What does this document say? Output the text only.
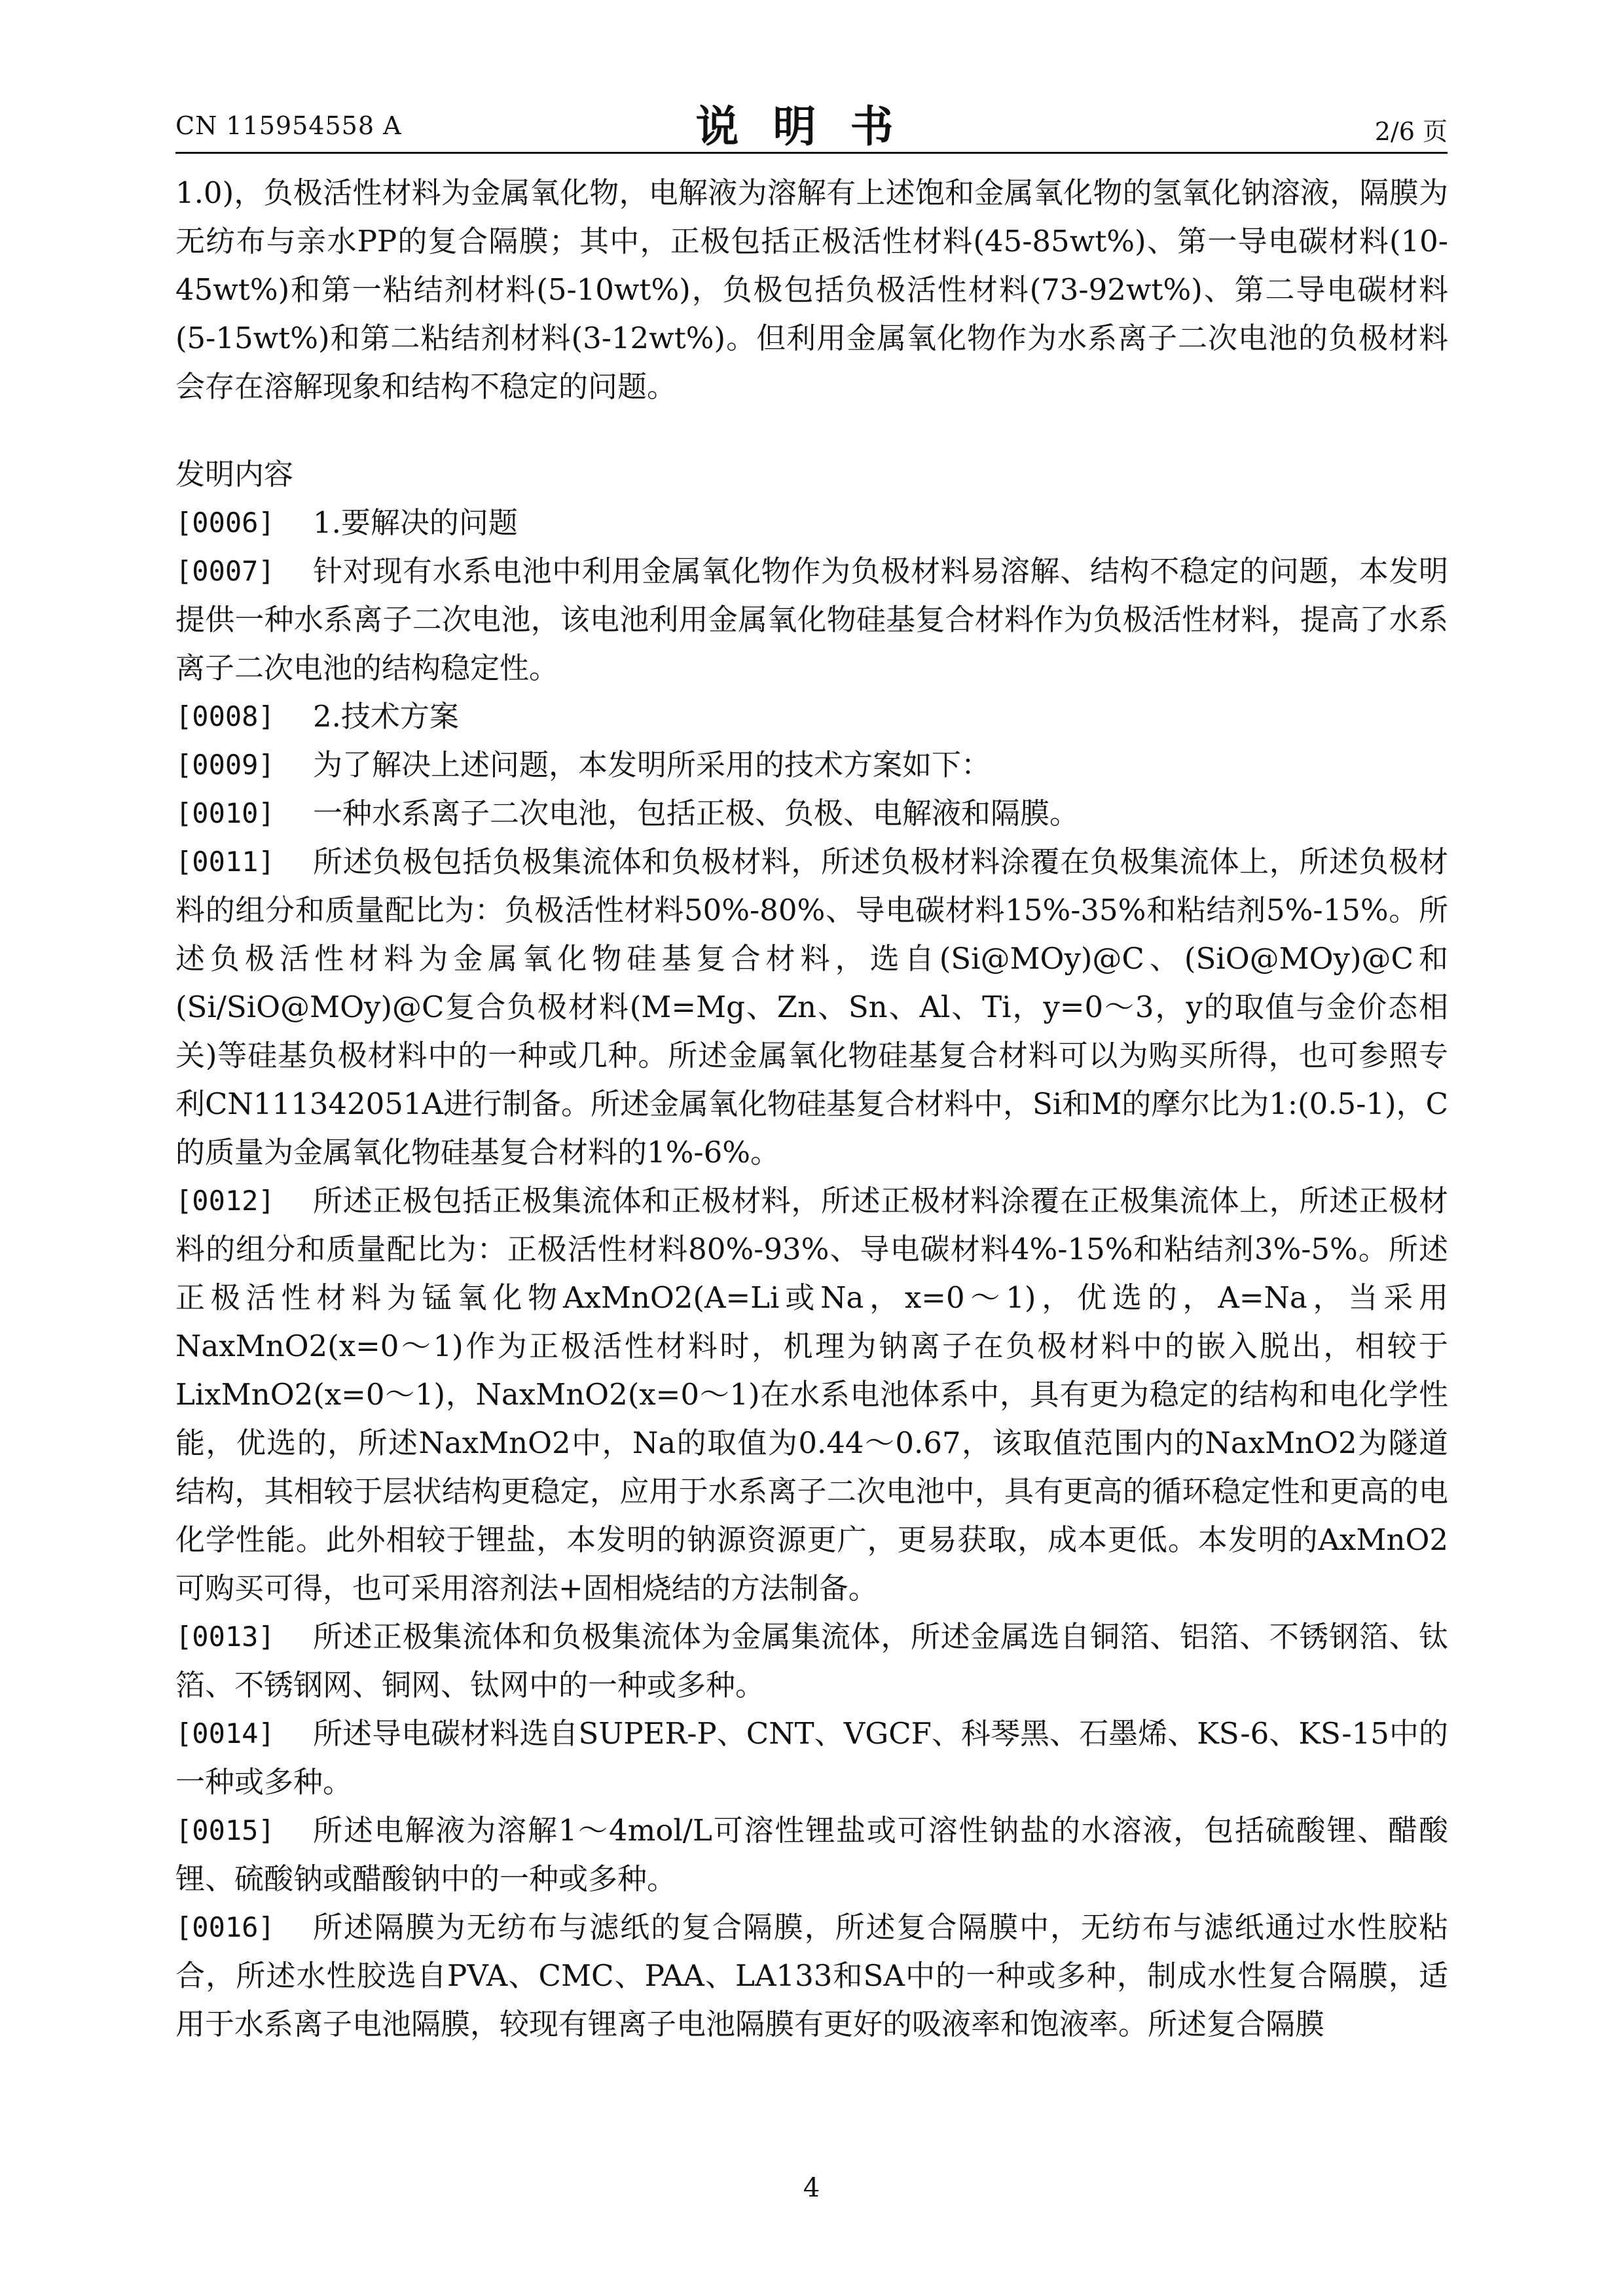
CN 115954558 A	说明书	2/6 页

1.0)，负极活性材料为金属氧化物，电解液为溶解有上述饱和金属氧化物的氢氧化钠溶液，隔膜为无纺布与亲水PP的复合隔膜；其中，正极包括正极活性材料(45-85wt%)、第一导电碳材料(10-45wt%)和第一粘结剂材料(5-10wt%)，负极包括负极活性材料(73-92wt%)、第二导电碳材料(5-15wt%)和第二粘结剂材料(3-12wt%)。但利用金属氧化物作为水系离子二次电池的负极材料会存在溶解现象和结构不稳定的问题。

发明内容

[0006]	1.要解决的问题
[0007]	针对现有水系电池中利用金属氧化物作为负极材料易溶解、结构不稳定的问题，本发明提供一种水系离子二次电池，该电池利用金属氧化物硅基复合材料作为负极活性材料，提高了水系离子二次电池的结构稳定性。
[0008]	2.技术方案
[0009]	为了解决上述问题，本发明所采用的技术方案如下：
[0010]	一种水系离子二次电池，包括正极、负极、电解液和隔膜。
[0011]	所述负极包括负极集流体和负极材料，所述负极材料涂覆在负极集流体上，所述负极材料的组分和质量配比为：负极活性材料50%-80%、导电碳材料15%-35%和粘结剂5%-15%。所述负极活性材料为金属氧化物硅基复合材料，选自(Si@MOy)@C、(SiO@MOy)@C和(Si/SiO@MOy)@C复合负极材料(M=Mg、Zn、Sn、Al、Ti，y=0～3，y的取值与金价态相关)等硅基负极材料中的一种或几种。所述金属氧化物硅基复合材料可以为购买所得，也可参照专利CN111342051A进行制备。所述金属氧化物硅基复合材料中，Si和M的摩尔比为1:(0.5-1)，C的质量为金属氧化物硅基复合材料的1%-6%。
[0012]	所述正极包括正极集流体和正极材料，所述正极材料涂覆在正极集流体上，所述正极材料的组分和质量配比为：正极活性材料80%-93%、导电碳材料4%-15%和粘结剂3%-5%。所述正极活性材料为锰氧化物AxMnO2(A=Li或Na，x=0～1)，优选的，A=Na，当采用NaxMnO2(x=0～1)作为正极活性材料时，机理为钠离子在负极材料中的嵌入脱出，相较于LixMnO2(x=0～1)，NaxMnO2(x=0～1)在水系电池体系中，具有更为稳定的结构和电化学性能，优选的，所述NaxMnO2中，Na的取值为0.44～0.67，该取值范围内的NaxMnO2为隧道结构，其相较于层状结构更稳定，应用于水系离子二次电池中，具有更高的循环稳定性和更高的电化学性能。此外相较于锂盐，本发明的钠源资源更广，更易获取，成本更低。本发明的AxMnO2可购买可得，也可采用溶剂法+固相烧结的方法制备。
[0013]	所述正极集流体和负极集流体为金属集流体，所述金属选自铜箔、铝箔、不锈钢箔、钛箔、不锈钢网、铜网、钛网中的一种或多种。
[0014]	所述导电碳材料选自SUPER-P、CNT、VGCF、科琴黑、石墨烯、KS-6、KS-15中的一种或多种。
[0015]	所述电解液为溶解1～4mol/L可溶性锂盐或可溶性钠盐的水溶液，包括硫酸锂、醋酸锂、硫酸钠或醋酸钠中的一种或多种。
[0016]	所述隔膜为无纺布与滤纸的复合隔膜，所述复合隔膜中，无纺布与滤纸通过水性胶粘合，所述水性胶选自PVA、CMC、PAA、LA133和SA中的一种或多种，制成水性复合隔膜，适用于水系离子电池隔膜，较现有锂离子电池隔膜有更好的吸液率和饱液率。所述复合隔膜
4
